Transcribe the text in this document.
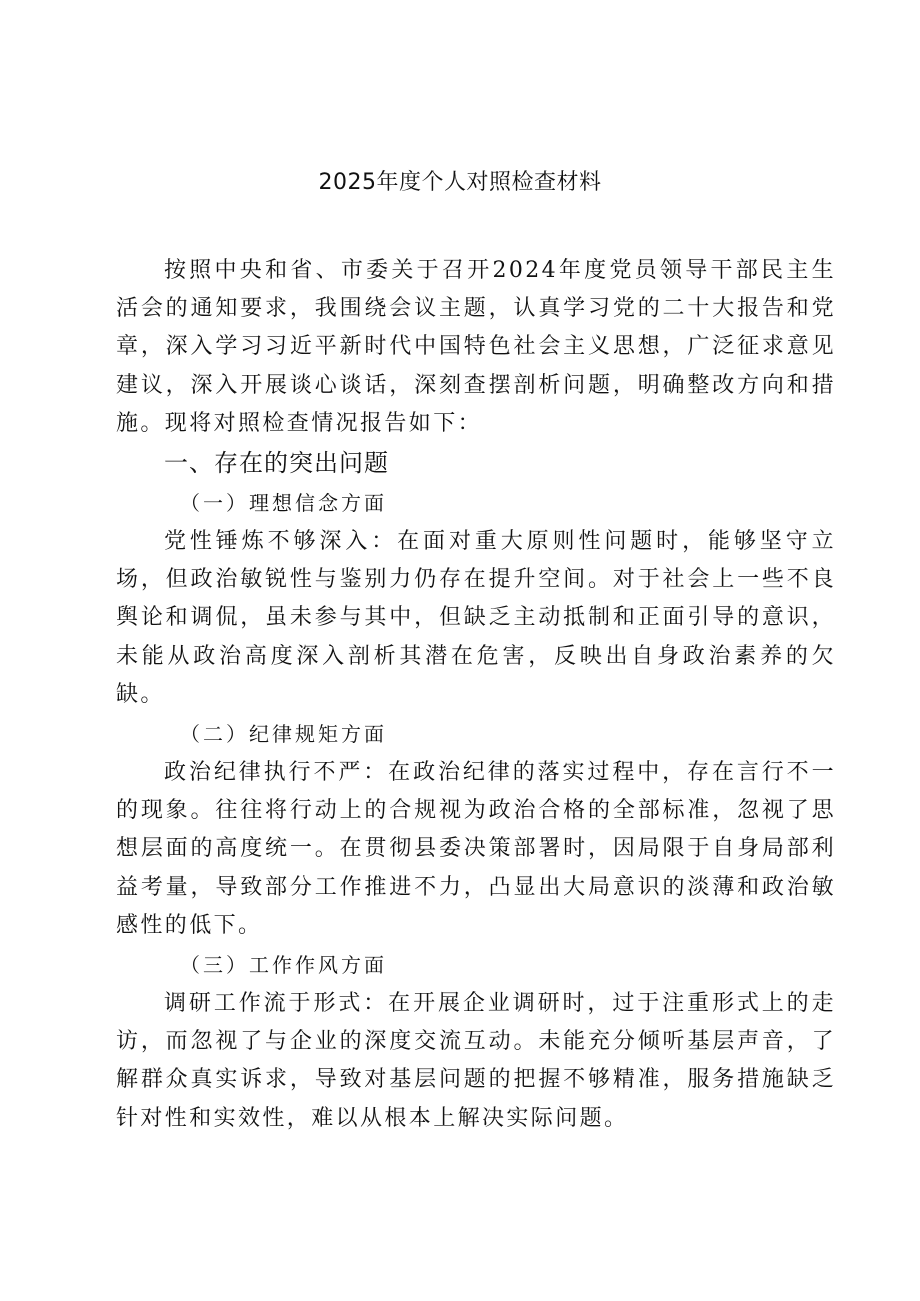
2025年度个人对照检查材料

按照中央和省、市委关于召开2024年度党员领导干部民主生活会的通知要求，我围绕会议主题，认真学习党的二十大报告和党章，深入学习习近平新时代中国特色社会主义思想，广泛征求意见建议，深入开展谈心谈话，深刻查摆剖析问题，明确整改方向和措施。现将对照检查情况报告如下：

一、存在的突出问题
（一）理想信念方面

党性锤炼不够深入：在面对重大原则性问题时，能够坚守立场，但政治敏锐性与鉴别力仍存在提升空间。对于社会上一些不良舆论和调侃，虽未参与其中，但缺乏主动抵制和正面引导的意识，未能从政治高度深入剖析其潜在危害，反映出自身政治素养的欠缺。

（二）纪律规矩方面

政治纪律执行不严：在政治纪律的落实过程中，存在言行不一的现象。往往将行动上的合规视为政治合格的全部标准，忽视了思想层面的高度统一。在贯彻县委决策部署时，因局限于自身局部利益考量，导致部分工作推进不力，凸显出大局意识的淡薄和政治敏感性的低下。

（三）工作作风方面

调研工作流于形式：在开展企业调研时，过于注重形式上的走访，而忽视了与企业的深度交流互动。未能充分倾听基层声音，了解群众真实诉求，导致对基层问题的把握不够精准，服务措施缺乏针对性和实效性，难以从根本上解决实际问题。
